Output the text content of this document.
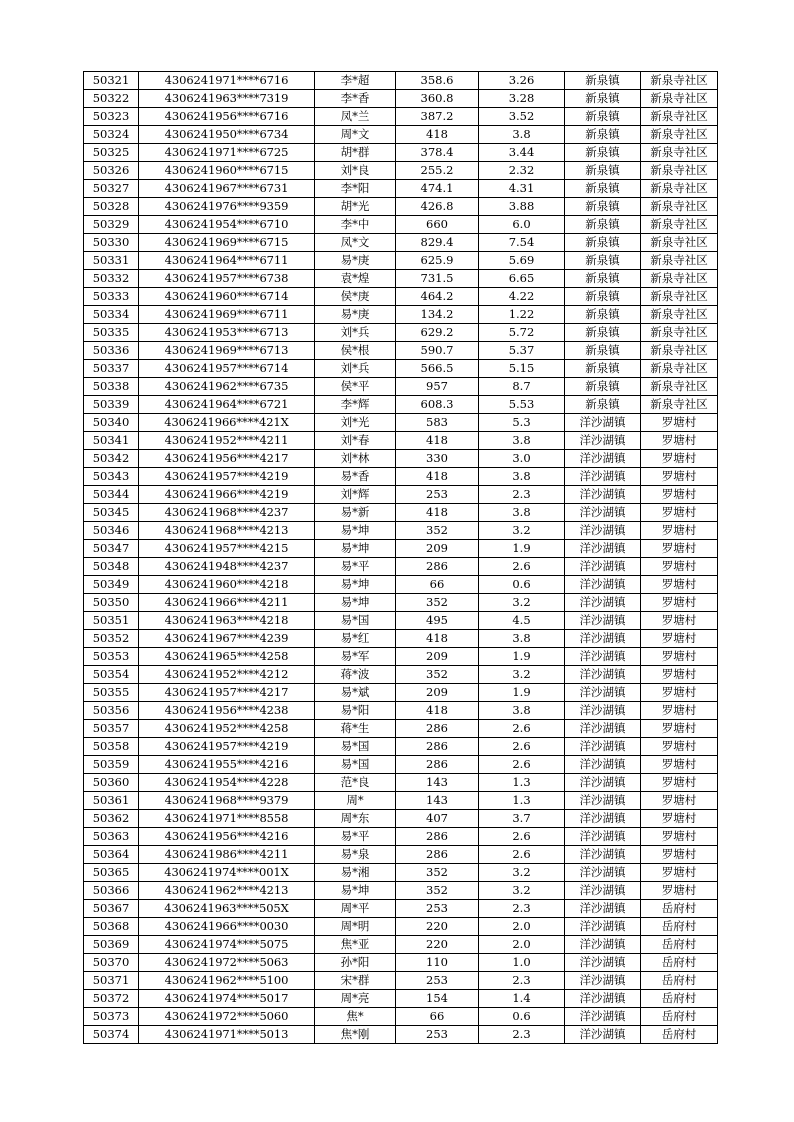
50321	4306241971****6716	李*超	358.6	3.26	新泉镇	新泉寺社区
50322	4306241963****7319	李*香	360.8	3.28	新泉镇	新泉寺社区
50323	4306241956****6716	凤*兰	387.2	3.52	新泉镇	新泉寺社区
50324	4306241950****6734	周*文	418	3.8	新泉镇	新泉寺社区
50325	4306241971****6725	胡*群	378.4	3.44	新泉镇	新泉寺社区
50326	4306241960****6715	刘*良	255.2	2.32	新泉镇	新泉寺社区
50327	4306241967****6731	李*阳	474.1	4.31	新泉镇	新泉寺社区
50328	4306241976****9359	胡*光	426.8	3.88	新泉镇	新泉寺社区
50329	4306241954****6710	李*中	660	6.0	新泉镇	新泉寺社区
50330	4306241969****6715	凤*文	829.4	7.54	新泉镇	新泉寺社区
50331	4306241964****6711	易*庚	625.9	5.69	新泉镇	新泉寺社区
50332	4306241957****6738	袁*煌	731.5	6.65	新泉镇	新泉寺社区
50333	4306241960****6714	侯*庚	464.2	4.22	新泉镇	新泉寺社区
50334	4306241969****6711	易*庚	134.2	1.22	新泉镇	新泉寺社区
50335	4306241953****6713	刘*兵	629.2	5.72	新泉镇	新泉寺社区
50336	4306241969****6713	侯*根	590.7	5.37	新泉镇	新泉寺社区
50337	4306241957****6714	刘*兵	566.5	5.15	新泉镇	新泉寺社区
50338	4306241962****6735	侯*平	957	8.7	新泉镇	新泉寺社区
50339	4306241964****6721	李*辉	608.3	5.53	新泉镇	新泉寺社区
50340	4306241966****421X	刘*光	583	5.3	洋沙湖镇	罗塘村
50341	4306241952****4211	刘*春	418	3.8	洋沙湖镇	罗塘村
50342	4306241956****4217	刘*林	330	3.0	洋沙湖镇	罗塘村
50343	4306241957****4219	易*香	418	3.8	洋沙湖镇	罗塘村
50344	4306241966****4219	刘*辉	253	2.3	洋沙湖镇	罗塘村
50345	4306241968****4237	易*新	418	3.8	洋沙湖镇	罗塘村
50346	4306241968****4213	易*坤	352	3.2	洋沙湖镇	罗塘村
50347	4306241957****4215	易*坤	209	1.9	洋沙湖镇	罗塘村
50348	4306241948****4237	易*平	286	2.6	洋沙湖镇	罗塘村
50349	4306241960****4218	易*坤	66	0.6	洋沙湖镇	罗塘村
50350	4306241966****4211	易*坤	352	3.2	洋沙湖镇	罗塘村
50351	4306241963****4218	易*国	495	4.5	洋沙湖镇	罗塘村
50352	4306241967****4239	易*红	418	3.8	洋沙湖镇	罗塘村
50353	4306241965****4258	易*军	209	1.9	洋沙湖镇	罗塘村
50354	4306241952****4212	蒋*波	352	3.2	洋沙湖镇	罗塘村
50355	4306241957****4217	易*斌	209	1.9	洋沙湖镇	罗塘村
50356	4306241956****4238	易*阳	418	3.8	洋沙湖镇	罗塘村
50357	4306241952****4258	蒋*生	286	2.6	洋沙湖镇	罗塘村
50358	4306241957****4219	易*国	286	2.6	洋沙湖镇	罗塘村
50359	4306241955****4216	易*国	286	2.6	洋沙湖镇	罗塘村
50360	4306241954****4228	范*良	143	1.3	洋沙湖镇	罗塘村
50361	4306241968****9379	周*	143	1.3	洋沙湖镇	罗塘村
50362	4306241971****8558	周*东	407	3.7	洋沙湖镇	罗塘村
50363	4306241956****4216	易*平	286	2.6	洋沙湖镇	罗塘村
50364	4306241986****4211	易*泉	286	2.6	洋沙湖镇	罗塘村
50365	4306241974****001X	易*湘	352	3.2	洋沙湖镇	罗塘村
50366	4306241962****4213	易*坤	352	3.2	洋沙湖镇	罗塘村
50367	4306241963****505X	周*平	253	2.3	洋沙湖镇	岳府村
50368	4306241966****0030	周*明	220	2.0	洋沙湖镇	岳府村
50369	4306241974****5075	焦*亚	220	2.0	洋沙湖镇	岳府村
50370	4306241972****5063	孙*阳	110	1.0	洋沙湖镇	岳府村
50371	4306241962****5100	宋*群	253	2.3	洋沙湖镇	岳府村
50372	4306241974****5017	周*亮	154	1.4	洋沙湖镇	岳府村
50373	4306241972****5060	焦*	66	0.6	洋沙湖镇	岳府村
50374	4306241971****5013	焦*刚	253	2.3	洋沙湖镇	岳府村
